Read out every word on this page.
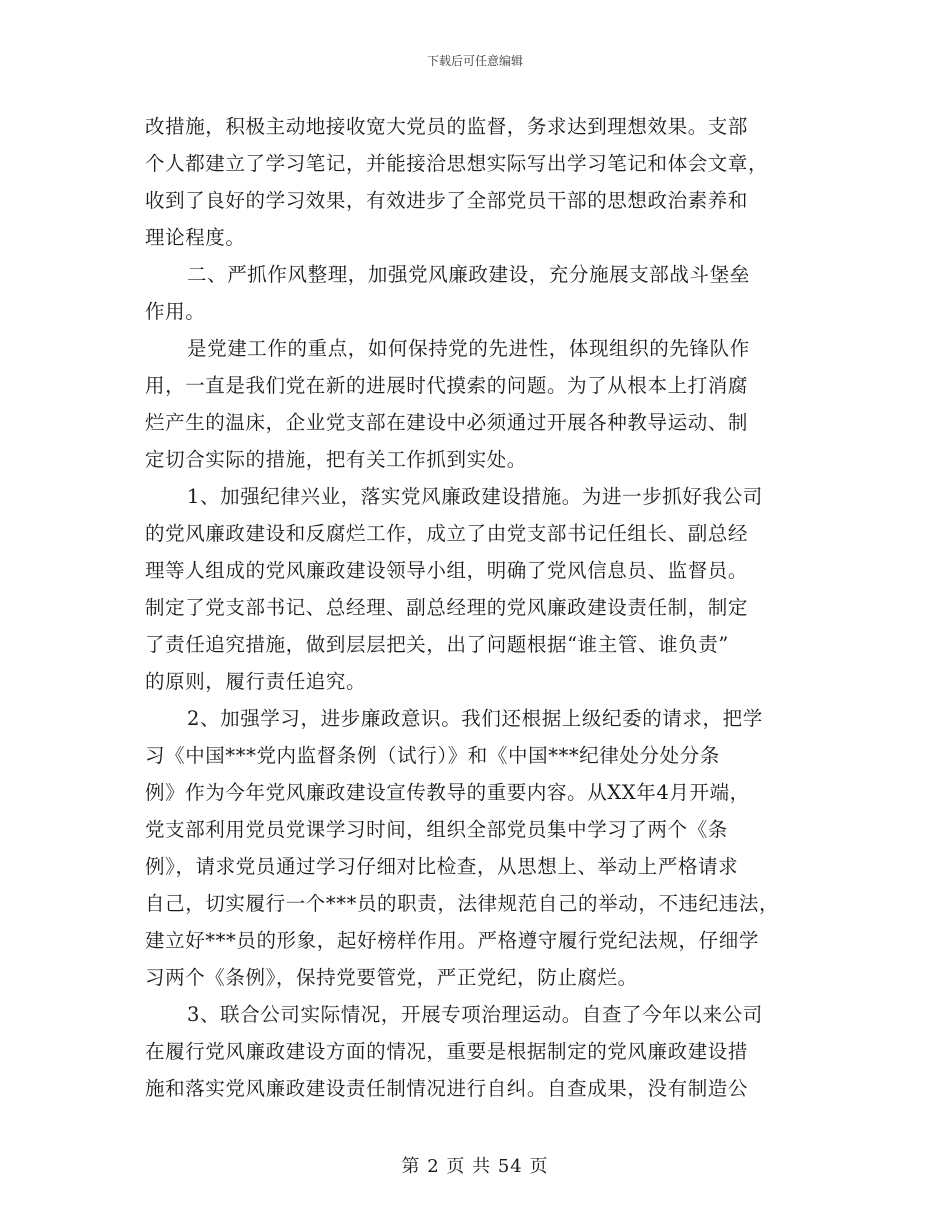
下载后可任意编辑
改措施，积极主动地接收宽大党员的监督，务求达到理想效果。支部
个人都建立了学习笔记，并能接洽思想实际写出学习笔记和体会文章，
收到了良好的学习效果，有效进步了全部党员干部的思想政治素养和
理论程度。
二、严抓作风整理，加强党风廉政建设，充分施展支部战斗堡垒
作用。
是党建工作的重点，如何保持党的先进性，体现组织的先锋队作
用，一直是我们党在新的进展时代摸索的问题。为了从根本上打消腐
烂产生的温床，企业党支部在建设中必须通过开展各种教导运动、制
定切合实际的措施，把有关工作抓到实处。
1、加强纪律兴业，落实党风廉政建设措施。为进一步抓好我公司
的党风廉政建设和反腐烂工作，成立了由党支部书记任组长、副总经
理等人组成的党风廉政建设领导小组，明确了党风信息员、监督员。
制定了党支部书记、总经理、副总经理的党风廉政建设责任制，制定
了责任追究措施，做到层层把关，出了问题根据“谁主管、谁负责”
的原则，履行责任追究。
2、加强学习，进步廉政意识。我们还根据上级纪委的请求，把学
习《中国***党内监督条例（试行）》和《中国***纪律处分处分条
例》作为今年党风廉政建设宣传教导的重要内容。从XX年4月开端，
党支部利用党员党课学习时间，组织全部党员集中学习了两个《条
例》，请求党员通过学习仔细对比检查，从思想上、举动上严格请求
自己，切实履行一个***员的职责，法律规范自己的举动，不违纪违法，
建立好***员的形象，起好榜样作用。严格遵守履行党纪法规，仔细学
习两个《条例》，保持党要管党，严正党纪，防止腐烂。
3、联合公司实际情况，开展专项治理运动。自查了今年以来公司
在履行党风廉政建设方面的情况，重要是根据制定的党风廉政建设措
施和落实党风廉政建设责任制情况进行自纠。自查成果，没有制造公
第 2 页 共 54 页
